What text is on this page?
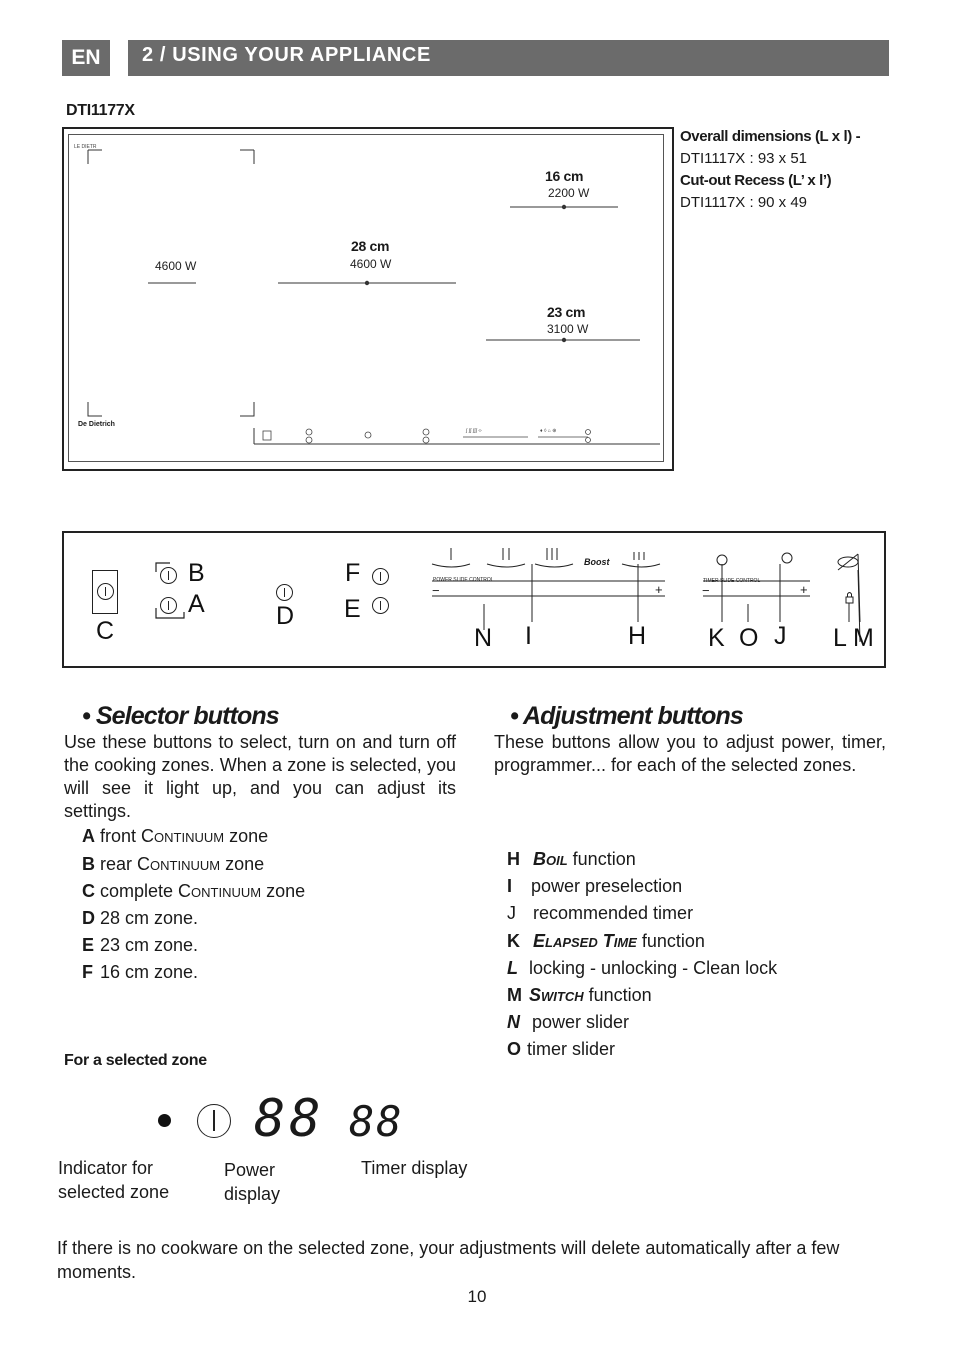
EN	2 / USING YOUR APPLIANCE
DTI1177X
LE DIETR
∫ ∫∫ ∫∫∫ ‹›	♦ ◊ ⌂ ⊕
4600 W
28 cm
4600 W
16 cm
2200 W
23 cm
3100 W
De Dietrich
Overall dimensions (L x l) -
DTI1117X : 93 x 51
Cut-out Recess (L’ x l’)
DTI1117X : 90 x 49
C
B
A	D
F
E
POWER SLIDE CONTROL	TIMER SLIDE CONTROL
Boost
−	+	−	+
N I	H K O J L M
• Selector buttons
Use these buttons to select, turn on and turn off the cooking zones. When a zone is selected, you will see it light up, and you can adjust its settings.
A front Continuum zone
B rear Continuum zone
C complete Continuum zone
D 28 cm zone.
E 23 cm zone.
F 16 cm zone.
• Adjustment buttons
These buttons allow you to adjust power, timer, programmer... for each of the selected zones.
H Boil function
I power preselection
J recommended timer
K Elapsed Time function
L locking - unlocking - Clean lock
M Switch function
N power slider
O timer slider
For a selected zone
88 88
Indicator for
selected zone
Power
display
Timer display
If there is no cookware on the selected zone, your adjustments will delete automatically after a few moments.
10
